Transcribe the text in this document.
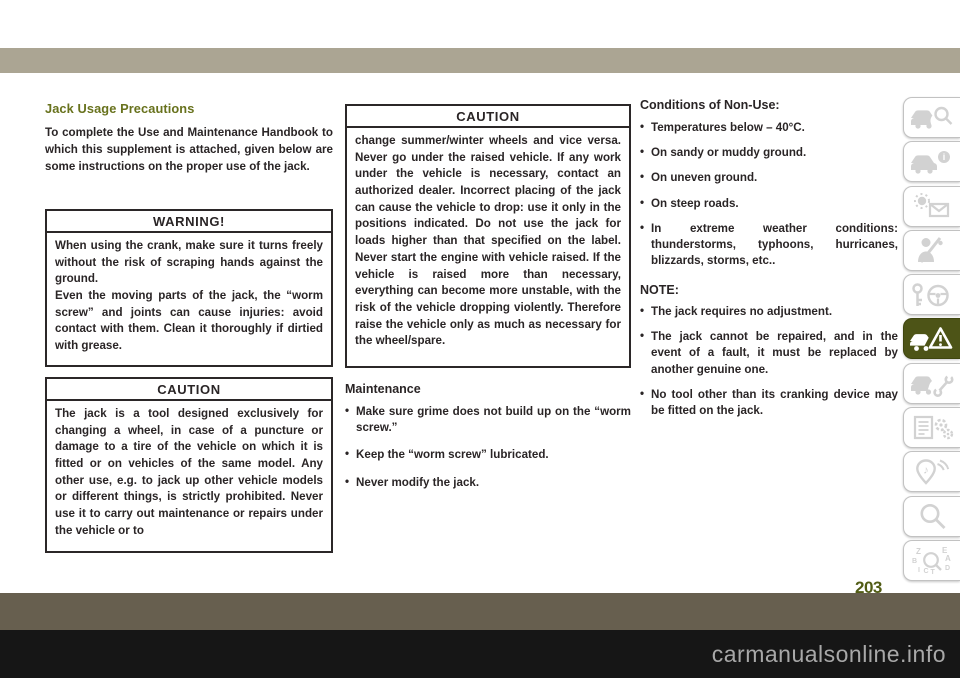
carmanualsonline.info
203
Jack Usage Precautions
To complete the Use and Maintenance Handbook to which this supplement is attached, given below are some instructions on the proper use of the jack.
WARNING!

When using the crank, make sure it turns freely without the risk of scraping hands against the ground.

Even the moving parts of the jack, the “worm screw” and joints can cause injuries: avoid contact with them. Clean it thoroughly if dirtied with grease.

CAUTION
The jack is a tool designed exclusively for changing a wheel, in case of a puncture or damage to a tire of the vehicle on which it is fitted or on vehicles of the same model. Any other use, e.g. to jack up other vehicle models or different things, is strictly prohibited. Never use it to carry out maintenance or repairs under the vehicle or to
CAUTION
change summer/winter wheels and vice versa. Never go under the raised vehicle. If any work under the vehicle is necessary, contact an authorized dealer. Incorrect placing of the jack can cause the vehicle to drop: use it only in the positions indicated. Do not use the jack for loads higher than that specified on the label. Never start the engine with vehicle raised. If the vehicle is raised more than necessary, everything can become more unstable, with the risk of the vehicle dropping violently. Therefore raise the vehicle only as much as necessary for the wheel/spare.
Maintenance
• Make sure grime does not build up on the “worm screw.”
• Keep the “worm screw” lubricated.
• Never modify the jack.
Conditions of Non-Use:
• Temperatures below – 40°C.
• On sandy or muddy ground.
• On uneven ground.
• On steep roads.
• In extreme weather conditions: thunderstorms, typhoons, hurricanes, blizzards, storms, etc..
NOTE:
• The jack requires no adjustment.
• The jack cannot be repaired, and in the event of a fault, it must be replaced by another genuine one.
• No tool other than its cranking device may be fitted on the jack.
i
♪
Z	E
B	A
I C T
D
